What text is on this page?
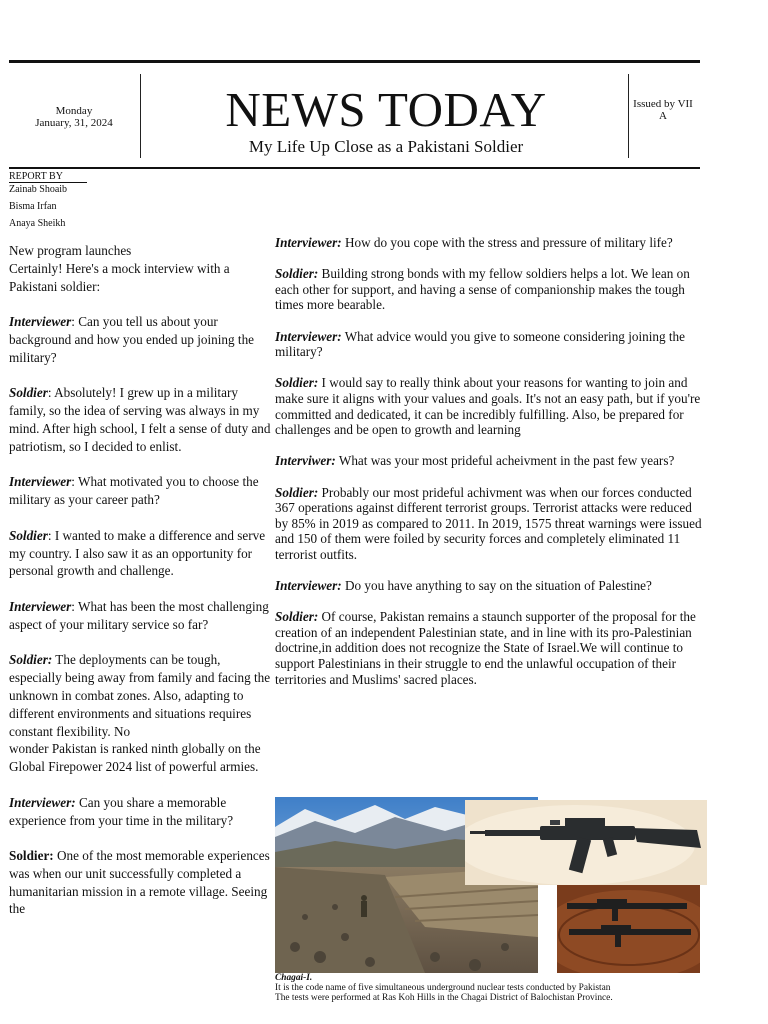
Monday
January, 31, 2024	NEWS TODAY
My Life Up Close as a Pakistani Soldier
Issued by VII A
REPORT BY
Zainab Shoaib
Bisma Irfan
Anaya Sheikh

New program launches

Certainly! Here's a mock interview with a Pakistani soldier:

Interviewer: Can you tell us about your background and how you ended up joining the military?

Soldier: Absolutely! I grew up in a military family, so the idea of serving was always in my mind. After high school, I felt a sense of duty and patriotism, so I decided to enlist.

Interviewer: What motivated you to choose the military as your career path?

Soldier: I wanted to make a difference and serve my country. I also saw it as an opportunity for personal growth and challenge.

Interviewer: What has been the most challenging aspect of your military service so far?

Soldier: The deployments can be tough, especially being away from family and facing the unknown in combat zones. Also, adapting to different environments and situations requires constant flexibility. No

wonder Pakistan is ranked ninth globally on the Global Firepower 2024 list of powerful armies.

Interviewer: Can you share a memorable experience from your time in the military?

Soldier: One of the most memorable experiences was when our unit successfully completed a humanitarian mission in a remote village. Seeing the

Interviewer: How do you cope with the stress and pressure of military life?

Soldier: Building strong bonds with my fellow soldiers helps a lot. We lean on each other for support, and having a sense of companionship makes the tough times more bearable.

Interviewer: What advice would you give to someone considering joining the military?

Soldier: I would say to really think about your reasons for wanting to join and make sure it aligns with your values and goals. It's not an easy path, but if you're committed and dedicated, it can be incredibly fulfilling. Also, be prepared for challenges and be open to growth and learning

Interviwer: What was your most prideful acheivment in the past few years?

Soldier: Probably our most prideful achivment was when our forces conducted 367 operations against different terrorist groups. Terrorist attacks were reduced by 85% in 2019 as compared to 2011. In 2019, 1575 threat warnings were issued and 150 of them were foiled by security forces and completely eliminated 11 terrorist outfits.

Interviewer: Do you have anything to say on the situation of Palestine?

Soldier: Of course, Pakistan remains a staunch supporter of the proposal for the creation of an independent Palestinian state, and in line with its pro-Palestinian doctrine,in addition does not recognize the State of Israel.We will continue to support Palestinians in their struggle to end the unlawful occupation of their territories and Muslims' sacred places.

Chagai-I.
It is the code name of five simultaneous underground nuclear tests conducted by Pakistan
The tests were performed at Ras Koh Hills in the Chagai District of Balochistan Province.
